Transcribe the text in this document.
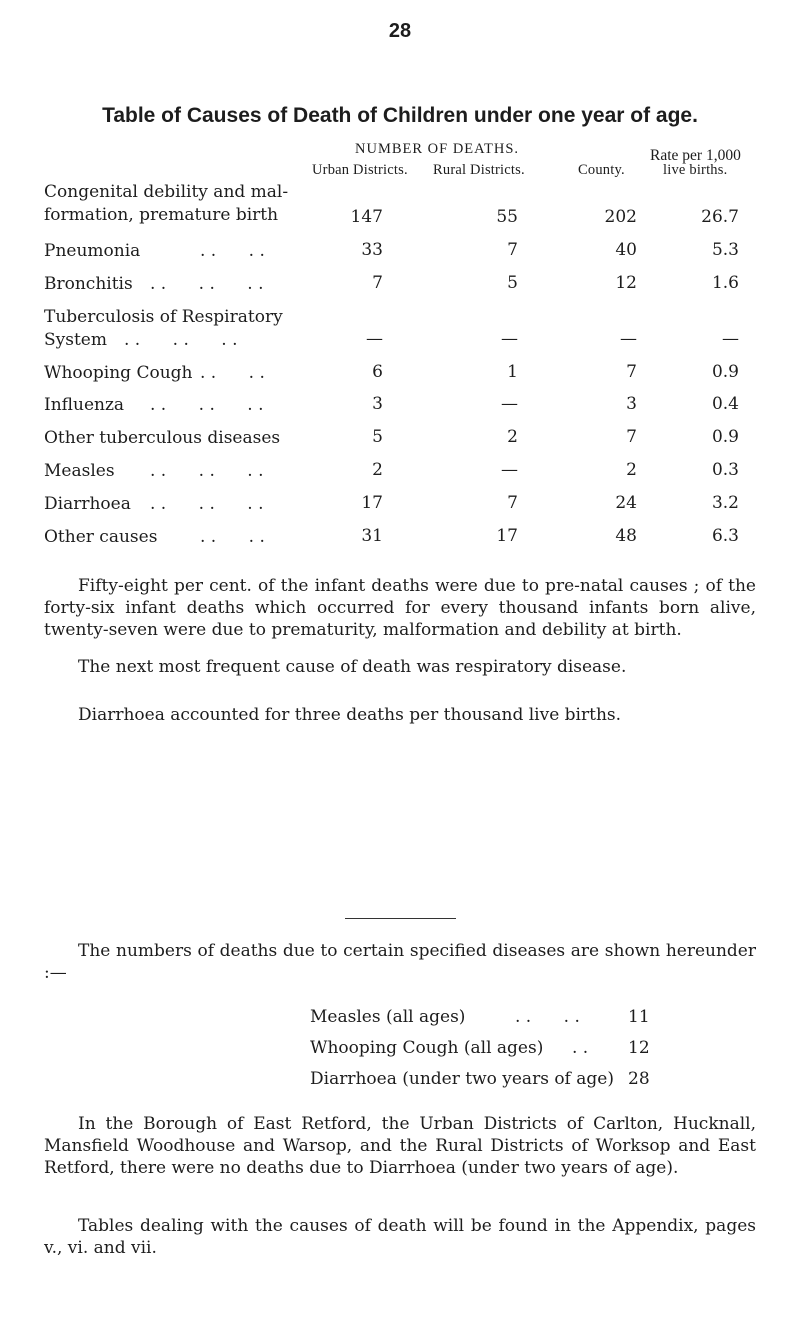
28
Table of Causes of Death of Children under one year of age.
NUMBER OF DEATHS.
Urban Districts. Rural Districts.	County.
Rate per 1,000
live births.
Congenital debility and mal-
formation, premature birth	147	55	202	26.7
Pneumonia	. .      . .	33	7	40	5.3
Bronchitis . .      . .      . .	7	5	12	1.6
Tuberculosis of Respiratory
System . .      . .      . .	—	—	—	—
Whooping Cough . .      . .	6	1	7	0.9
Influenza . .      . .      . .	3	—	3	0.4
Other tuberculous diseases	5	2	7	0.9
Measles . .      . .      . .	2	—	2	0.3
Diarrhoea . .      . .      . .	17	7	24	3.2
Other causes	. .      . .	31	17	48	6.3

Fifty-eight per cent. of the infant deaths were due to pre-natal causes ; of the forty-six infant deaths which occurred for every thousand infants born alive, twenty-seven were due to prematurity, malformation and debility at birth.

The next most frequent cause of death was respiratory disease.

Diarrhoea accounted for three deaths per thousand live births.

The numbers of deaths due to certain specified diseases are shown hereunder :—

Measles (all ages)	. .      . .	11
Whooping Cough (all ages) . . 12
Diarrhoea (under two years of age) 28

In the Borough of East Retford, the Urban Districts of Carlton, Hucknall, Mansfield Woodhouse and Warsop, and the Rural Districts of Worksop and East Retford, there were no deaths due to Diarrhoea (under two years of age).

Tables dealing with the causes of death will be found in the Appendix, pages v., vi. and vii.
